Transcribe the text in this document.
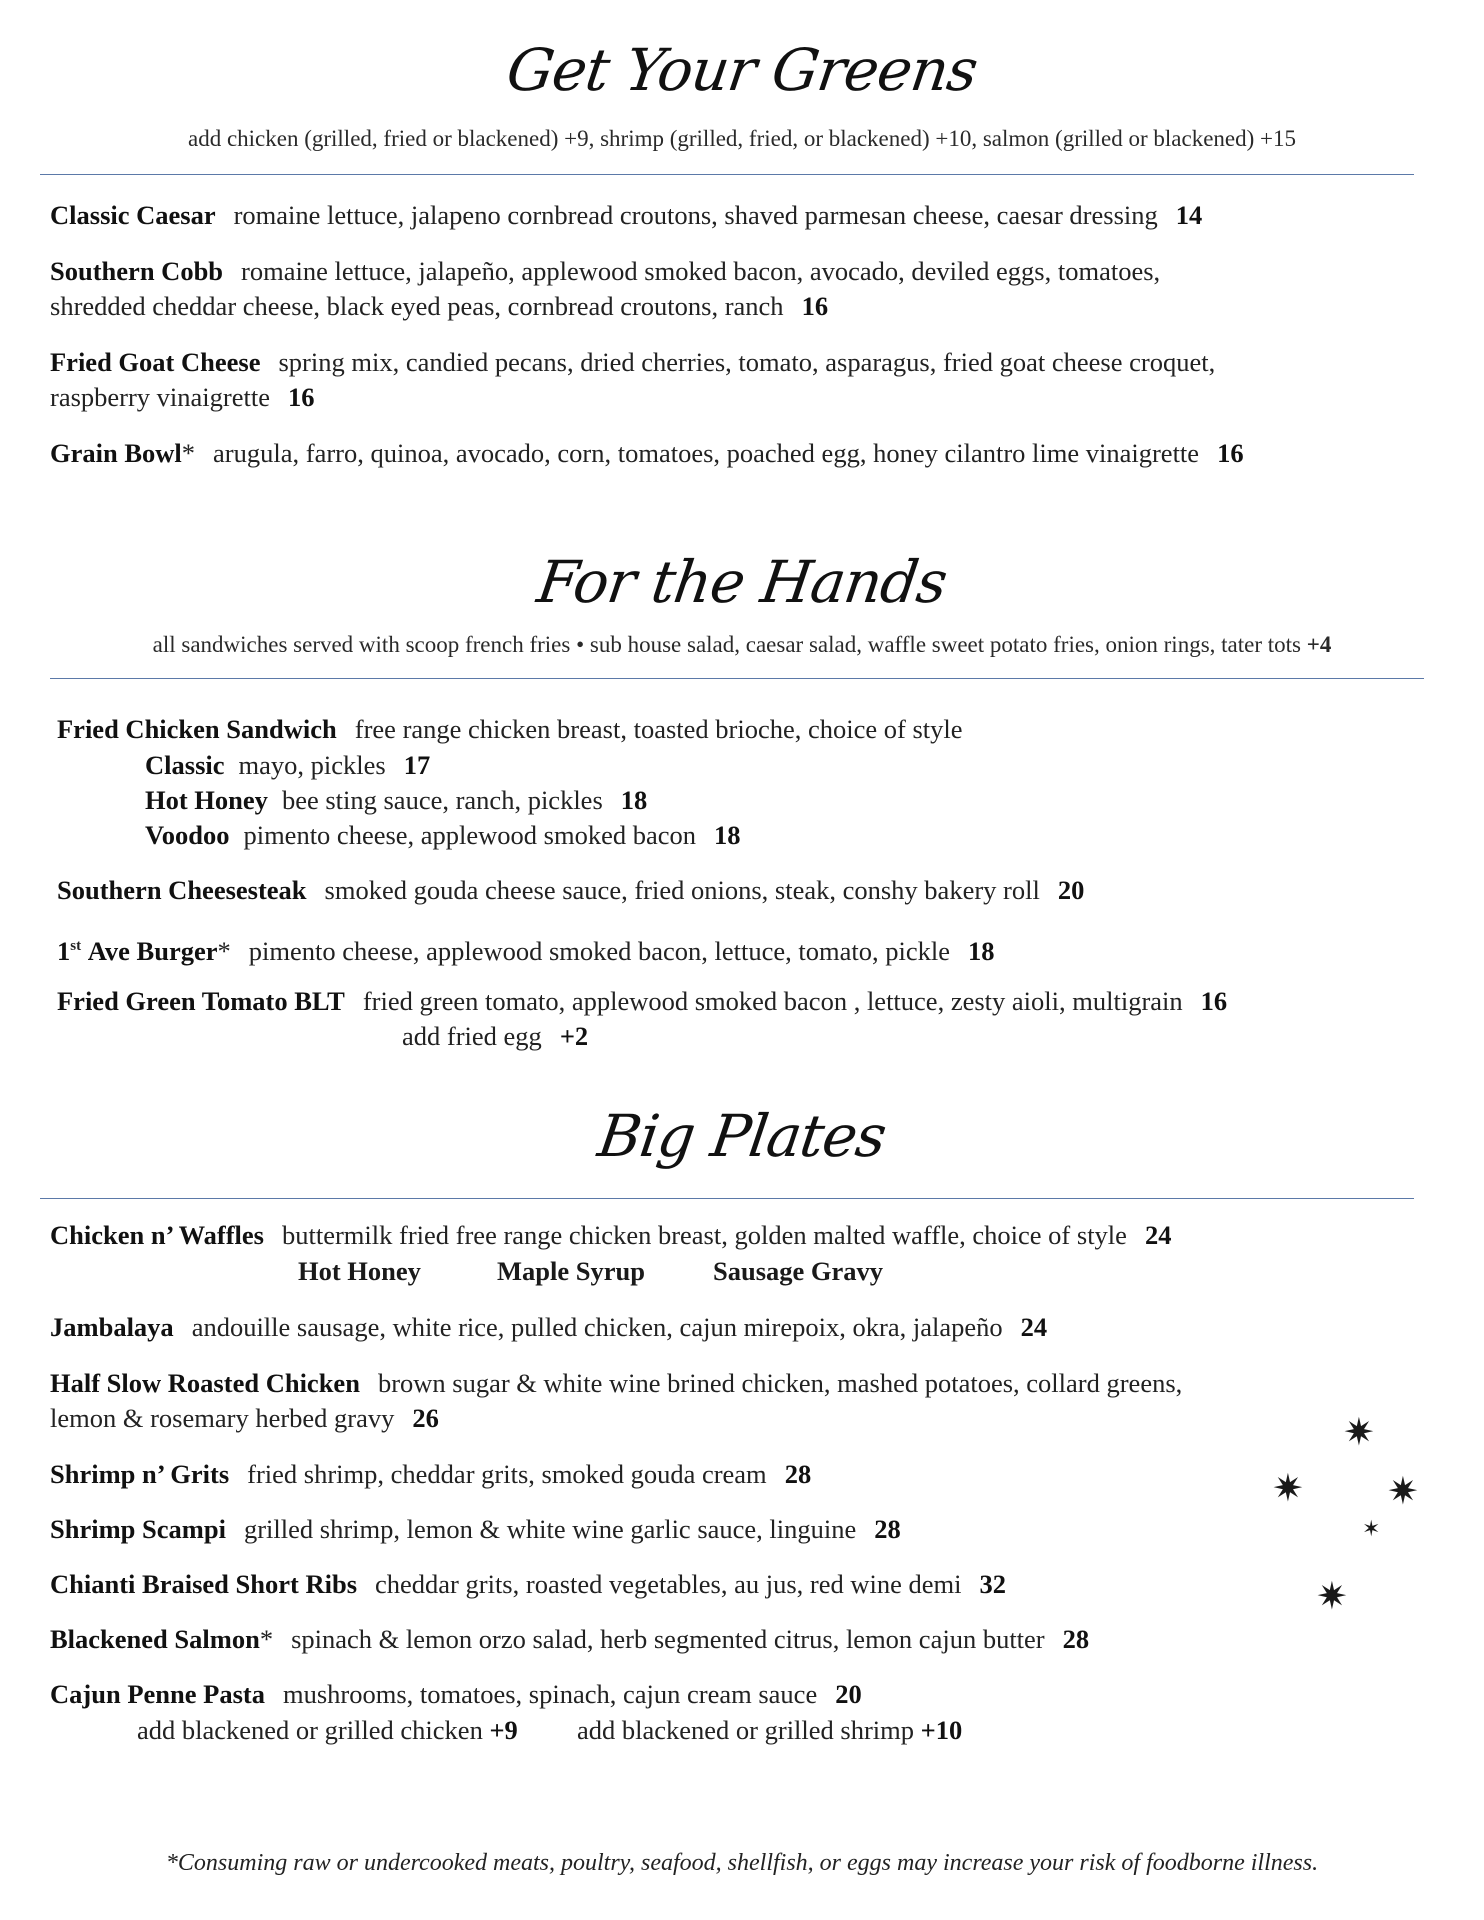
Get Your Greens
add chicken (grilled, fried or blackened) +9, shrimp (grilled, fried, or blackened) +10, salmon (grilled or blackened) +15
Classic Caesar romaine lettuce, jalapeno cornbread croutons, shaved parmesan cheese, caesar dressing 14
Southern Cobb romaine lettuce, jalapeño, applewood smoked bacon, avocado, deviled eggs, tomatoes,
shredded cheddar cheese, black eyed peas, cornbread croutons, ranch 16
Fried Goat Cheese spring mix, candied pecans, dried cherries, tomato, asparagus, fried goat cheese croquet,
raspberry vinaigrette 16
Grain Bowl* arugula, farro, quinoa, avocado, corn, tomatoes, poached egg, honey cilantro lime vinaigrette 16
For the Hands
all sandwiches served with scoop french fries • sub house salad, caesar salad, waffle sweet potato fries, onion rings, tater tots +4
Fried Chicken Sandwich free range chicken breast, toasted brioche, choice of style
Classic mayo, pickles 17
Hot Honey bee sting sauce, ranch, pickles 18
Voodoo pimento cheese, applewood smoked bacon 18
Southern Cheesesteak smoked gouda cheese sauce, fried onions, steak, conshy bakery roll 20
1st Ave Burger* pimento cheese, applewood smoked bacon, lettuce, tomato, pickle 18
Fried Green Tomato BLT fried green tomato, applewood smoked bacon , lettuce, zesty aioli, multigrain 16
add fried egg +2
Big Plates
Chicken n’ Waffles buttermilk fried free range chicken breast, golden malted waffle, choice of style 24
Hot Honey	Maple Syrup	Sausage Gravy
Jambalaya andouille sausage, white rice, pulled chicken, cajun mirepoix, okra, jalapeño 24
Half Slow Roasted Chicken brown sugar & white wine brined chicken, mashed potatoes, collard greens,
lemon & rosemary herbed gravy 26
Shrimp n’ Grits fried shrimp, cheddar grits, smoked gouda cream 28
Shrimp Scampi grilled shrimp, lemon & white wine garlic sauce, linguine 28
Chianti Braised Short Ribs cheddar grits, roasted vegetables, au jus, red wine demi 32
Blackened Salmon* spinach & lemon orzo salad, herb segmented citrus, lemon cajun butter 28
Cajun Penne Pasta mushrooms, tomatoes, spinach, cajun cream sauce 20
add blackened or grilled chicken +9 add blackened or grilled shrimp +10
✷
✷ ✷
✶
✷
*Consuming raw or undercooked meats, poultry, seafood, shellfish, or eggs may increase your risk of foodborne illness.
